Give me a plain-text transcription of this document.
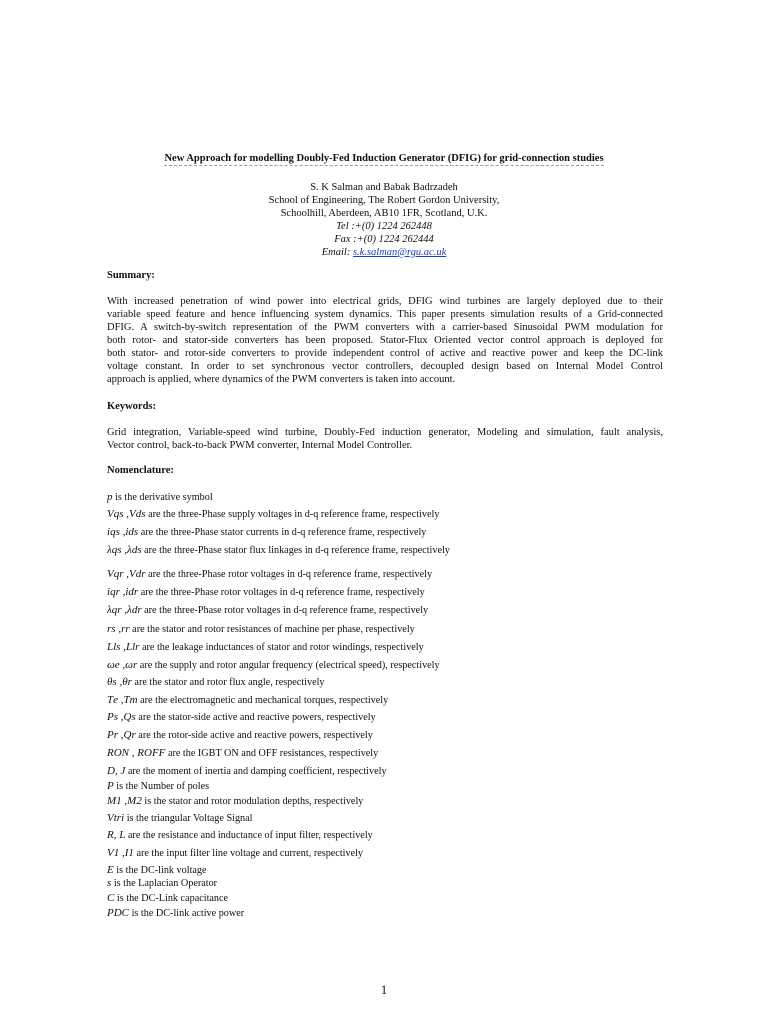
New Approach for modelling Doubly-Fed Induction Generator (DFIG) for grid-connection studies
S. K Salman and Babak Badrzadeh
School of Engineering, The Robert Gordon University,
Schoolhill, Aberdeen, AB10 1FR, Scotland, U.K.
Tel :+(0) 1224 262448
Fax :+(0) 1224 262444
Email: s.k.salman@rgu.ac.uk
Summary:
With increased penetration of wind power into electrical grids, DFIG wind turbines are largely deployed due to their
variable speed feature and hence influencing system dynamics. This paper presents simulation results of a Grid-connected
DFIG. A switch-by-switch representation of the PWM converters with a carrier-based Sinusoidal PWM modulation for
both rotor- and stator-side converters has been proposed. Stator-Flux Oriented vector control approach is deployed for
both stator- and rotor-side converters to provide independent control of active and reactive power and keep the DC-link
voltage constant. In order to set synchronous vector controllers, decoupled design based on Internal Model Control
approach is applied, where dynamics of the PWM converters is taken into account.
Keywords:
Grid integration, Variable-speed wind turbine, Doubly-Fed induction generator, Modeling and simulation, fault analysis,
Vector control, back-to-back PWM converter, Internal Model Controller.
Nomenclature:
p is the derivative symbol
Vqs ,Vds are the three-Phase supply voltages in d-q reference frame, respectively
iqs ,ids are the three-Phase stator currents in d-q reference frame, respectively
λqs ,λds are the three-Phase stator flux linkages in d-q reference frame, respectively
Vqr ,Vdr are the three-Phase rotor voltages in d-q reference frame, respectively
iqr ,idr are the three-Phase rotor voltages in d-q reference frame, respectively
λqr ,λdr are the three-Phase rotor voltages in d-q reference frame, respectively
rs ,rr are the stator and rotor resistances of machine per phase, respectively
Lls ,Llr are the leakage inductances of stator and rotor windings, respectively
ωe ,ωr are the supply and rotor angular frequency (electrical speed), respectively
θs ,θr are the stator and rotor flux angle, respectively
Te ,Tm are the electromagnetic and mechanical torques, respectively
Ps ,Qs are the stator-side active and reactive powers, respectively
Pr ,Qr are the rotor-side active and reactive powers, respectively
RON , ROFF are the IGBT ON and OFF resistances, respectively
D, J are the moment of inertia and damping coefficient, respectively
P is the Number of poles
M1 ,M2 is the stator and rotor modulation depths, respectively
Vtri is the triangular Voltage Signal
R, L are the resistance and inductance of input filter, respectively
V1 ,I1 are the input filter line voltage and current, respectively
E is the DC-link voltage
s is the Laplacian Operator
C is the DC-Link capacitance
PDC is the DC-link active power
1
